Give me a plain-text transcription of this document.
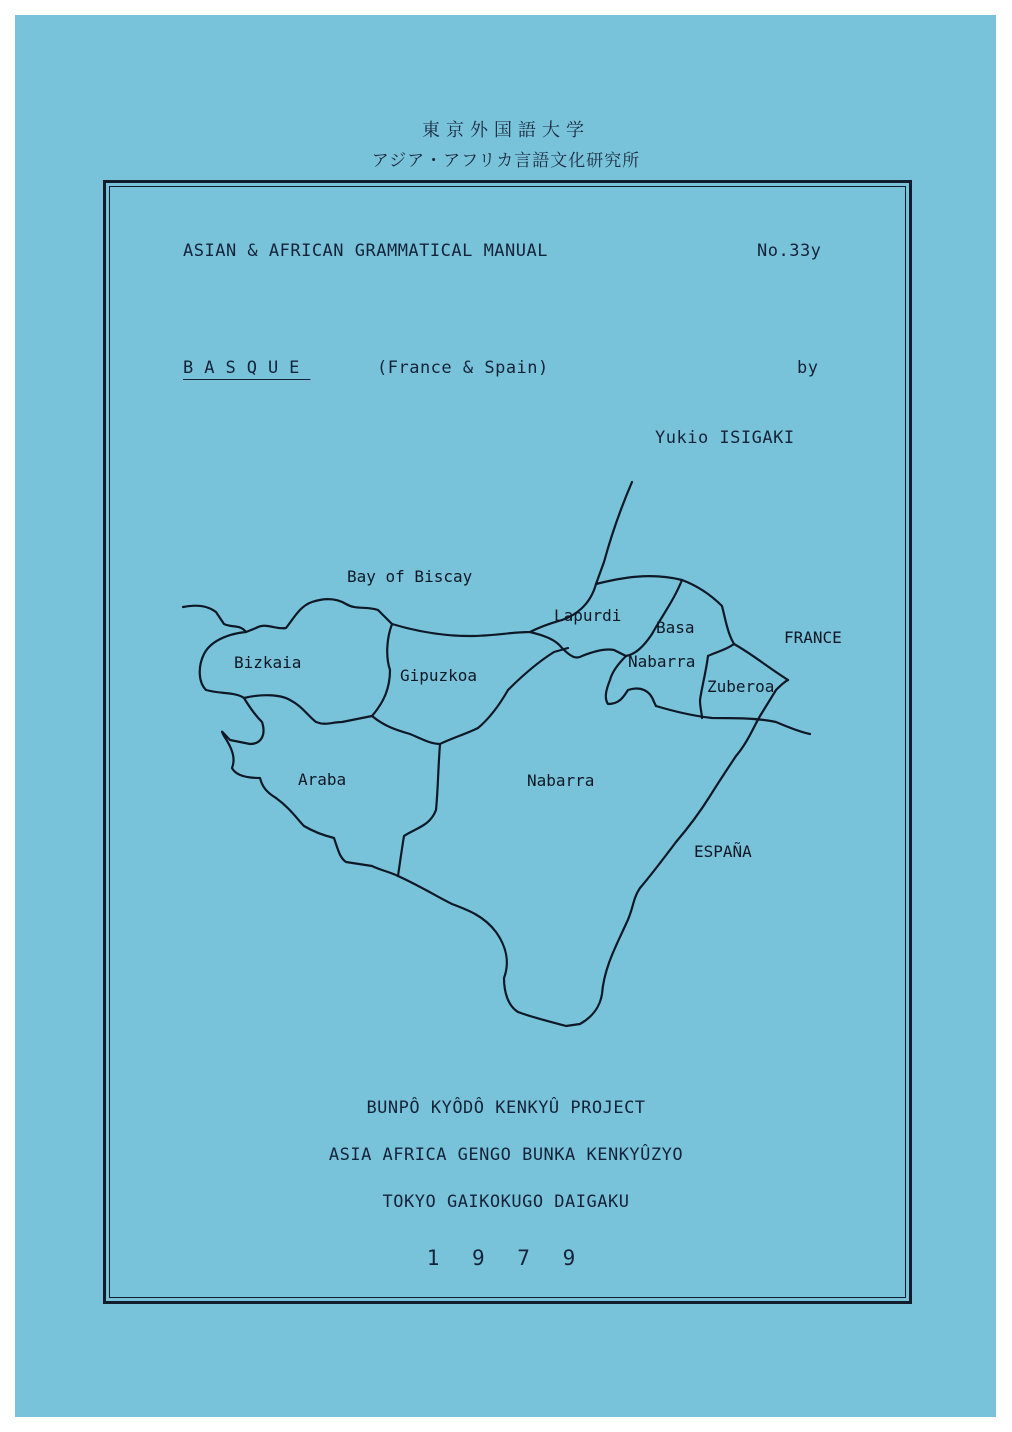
東京外国語大学
アジア・アフリカ言語文化研究所
ASIAN & AFRICAN GRAMMATICAL MANUAL	No.33y
BASQUE	(France & Spain)	by
Yukio ISIGAKI
Bay of Biscay
Bizkaia
Gipuzkoa
Lapurdi
Basa
Nabarra
Zuberoa
FRANCE
Araba	Nabarra
ESPAÑA
BUNPÔ KYÔDÔ KENKYÛ PROJECT
ASIA AFRICA GENGO BUNKA KENKYÛZYO
TOKYO GAIKOKUGO DAIGAKU
1 9 7 9
